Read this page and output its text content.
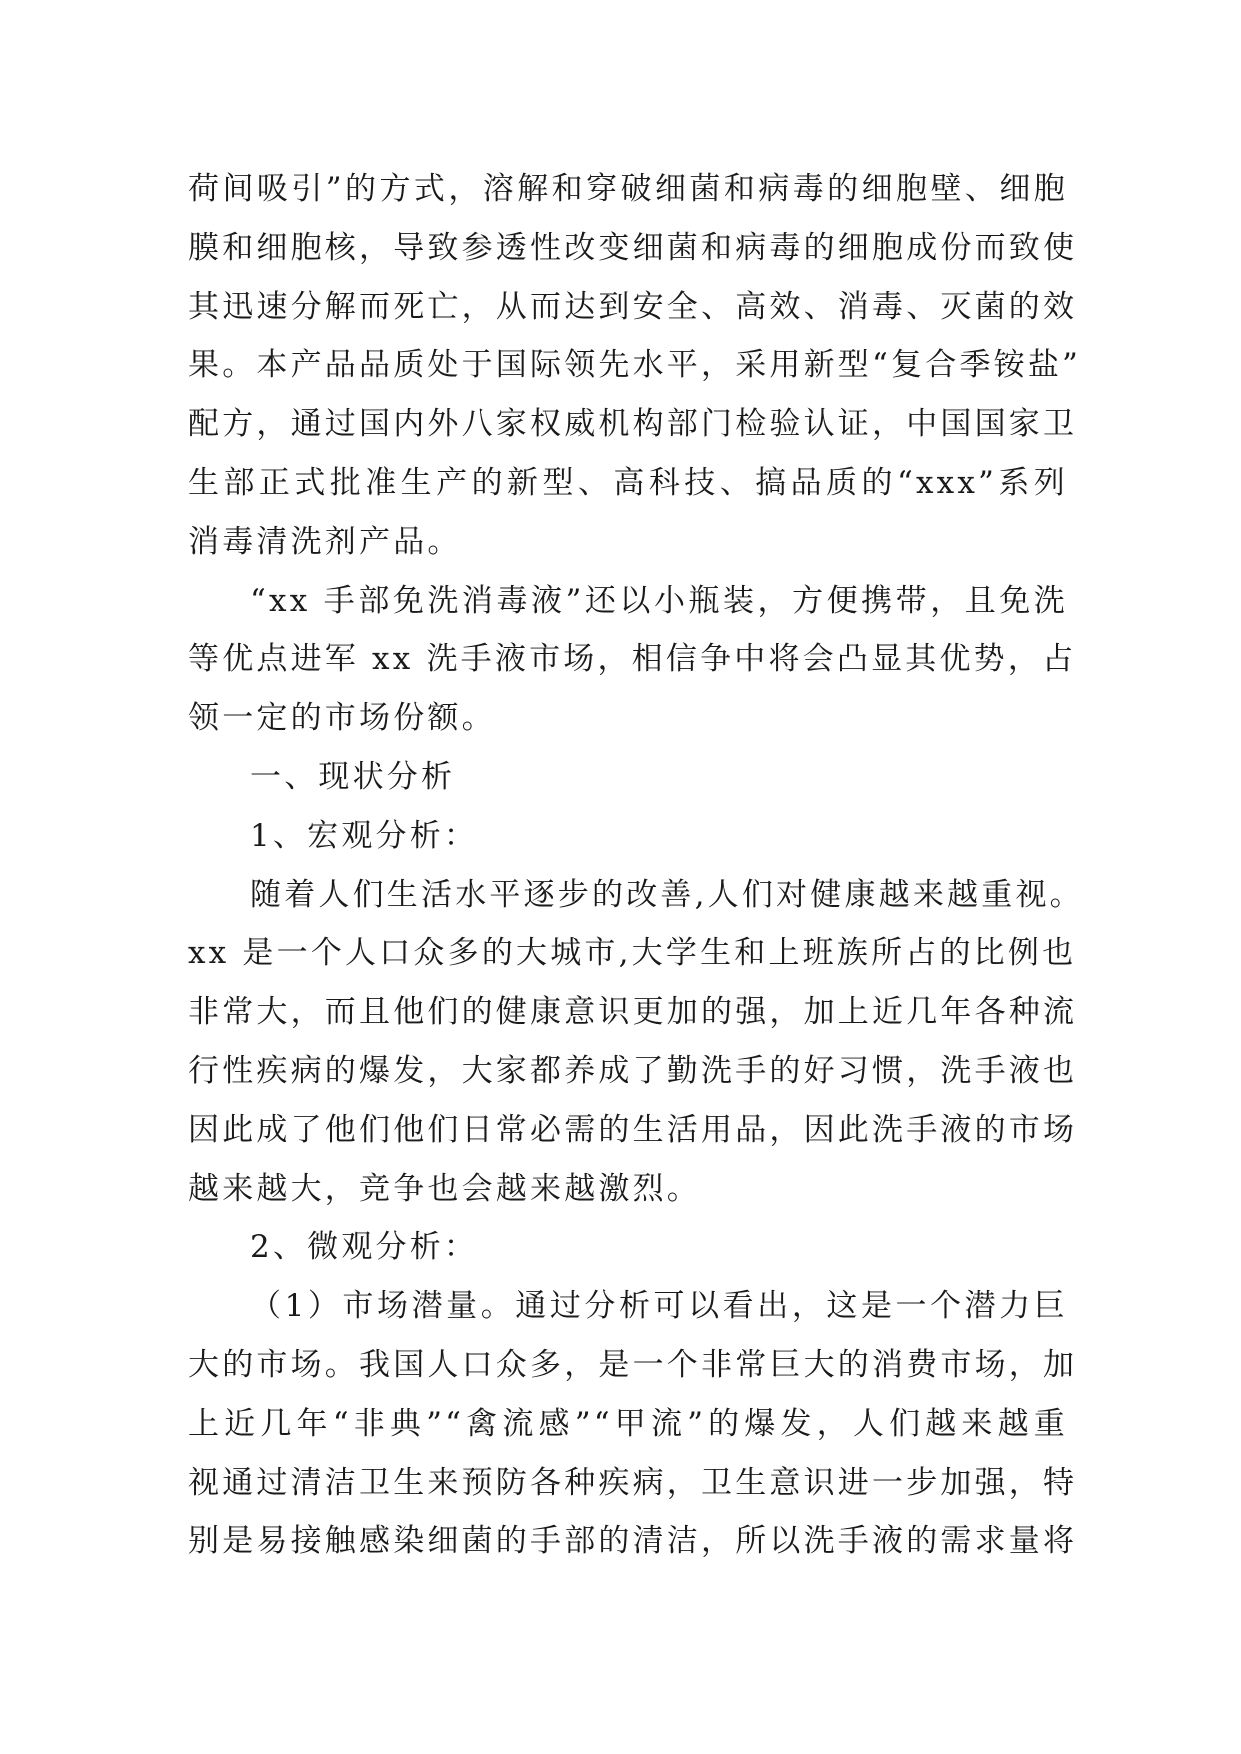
荷间吸引”的方式，溶解和穿破细菌和病毒的细胞壁、细胞
膜和细胞核，导致参透性改变细菌和病毒的细胞成份而致使
其迅速分解而死亡，从而达到安全、高效、消毒、灭菌的效
果。本产品品质处于国际领先水平，采用新型“复合季铵盐”
配方，通过国内外八家权威机构部门检验认证，中国国家卫
生部正式批准生产的新型、高科技、搞品质的“xxx”系列
消毒清洗剂产品。
“xx 手部免洗消毒液”还以小瓶装，方便携带，且免洗
等优点进军 xx 洗手液市场，相信争中将会凸显其优势，占
领一定的市场份额。
一、现状分析
1、宏观分析：
随着人们生活水平逐步的改善,人们对健康越来越重视。
xx 是一个人口众多的大城市,大学生和上班族所占的比例也
非常大，而且他们的健康意识更加的强，加上近几年各种流
行性疾病的爆发，大家都养成了勤洗手的好习惯，洗手液也
因此成了他们他们日常必需的生活用品，因此洗手液的市场
越来越大，竞争也会越来越激烈。
2、微观分析：
（1）市场潜量。通过分析可以看出，这是一个潜力巨
大的市场。我国人口众多，是一个非常巨大的消费市场，加
上近几年“非典”“禽流感”“甲流”的爆发，人们越来越重
视通过清洁卫生来预防各种疾病，卫生意识进一步加强，特
别是易接触感染细菌的手部的清洁，所以洗手液的需求量将
